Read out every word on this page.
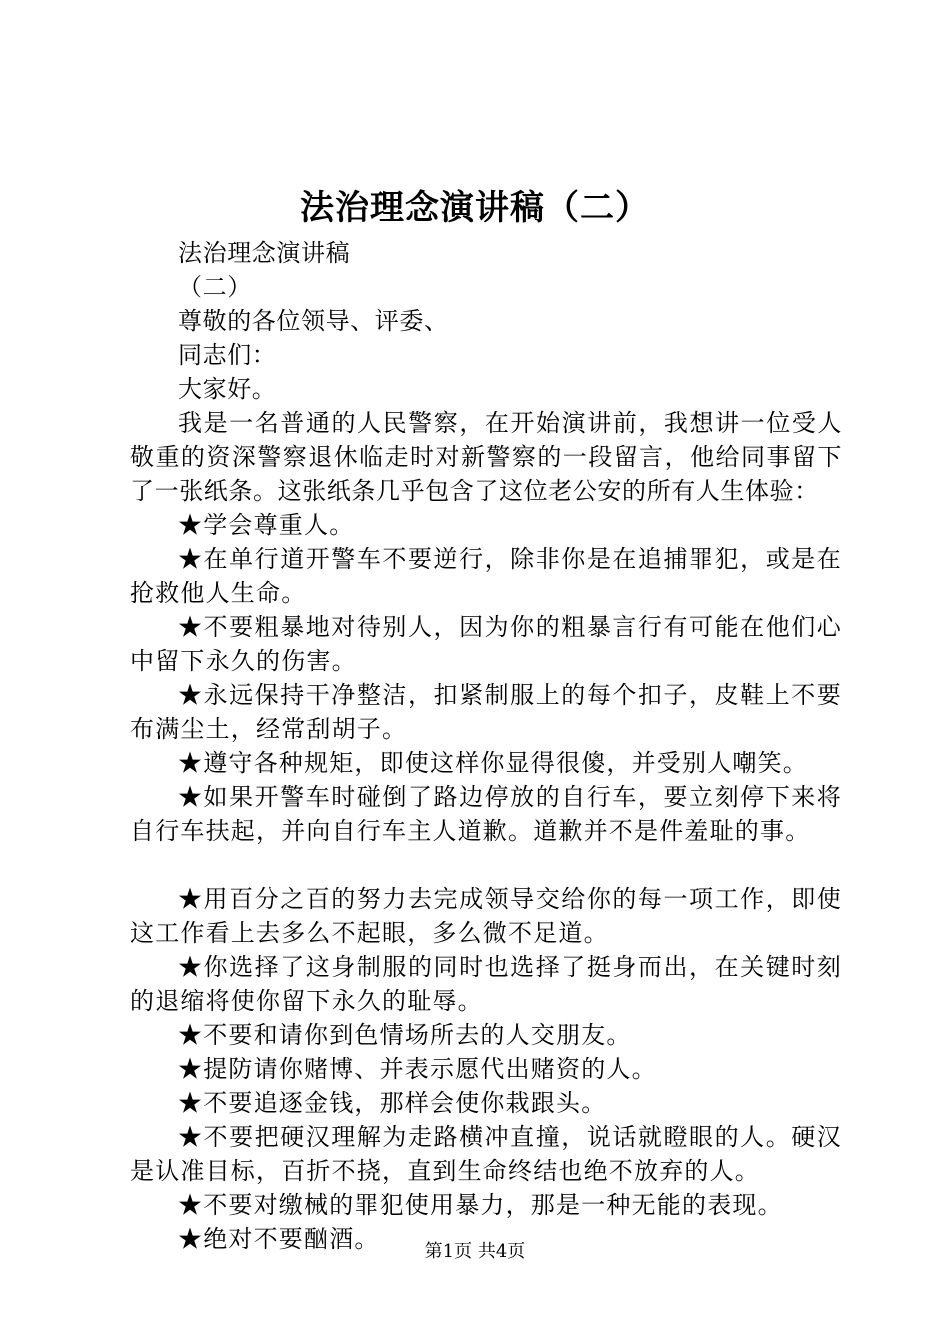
法治理念演讲稿（二）

法治理念演讲稿

（二）

尊敬的各位领导、评委、

同志们：

大家好。

我是一名普通的人民警察，在开始演讲前，我想讲一位受人敬重的资深警察退休临走时对新警察的一段留言，他给同事留下了一张纸条。这张纸条几乎包含了这位老公安的所有人生体验：

★学会尊重人。

★在单行道开警车不要逆行，除非你是在追捕罪犯，或是在抢救他人生命。

★不要粗暴地对待别人，因为你的粗暴言行有可能在他们心中留下永久的伤害。

★永远保持干净整洁，扣紧制服上的每个扣子，皮鞋上不要布满尘土，经常刮胡子。

★遵守各种规矩，即使这样你显得很傻，并受别人嘲笑。

★如果开警车时碰倒了路边停放的自行车，要立刻停下来将自行车扶起，并向自行车主人道歉。道歉并不是件羞耻的事。

★用百分之百的努力去完成领导交给你的每一项工作，即使这工作看上去多么不起眼，多么微不足道。

★你选择了这身制服的同时也选择了挺身而出，在关键时刻的退缩将使你留下永久的耻辱。

★不要和请你到色情场所去的人交朋友。

★提防请你赌博、并表示愿代出赌资的人。

★不要追逐金钱，那样会使你栽跟头。

★不要把硬汉理解为走路横冲直撞，说话就瞪眼的人。硬汉是认准目标，百折不挠，直到生命终结也绝不放弃的人。

★不要对缴械的罪犯使用暴力，那是一种无能的表现。

★绝对不要酗酒。	第1页 共4页
